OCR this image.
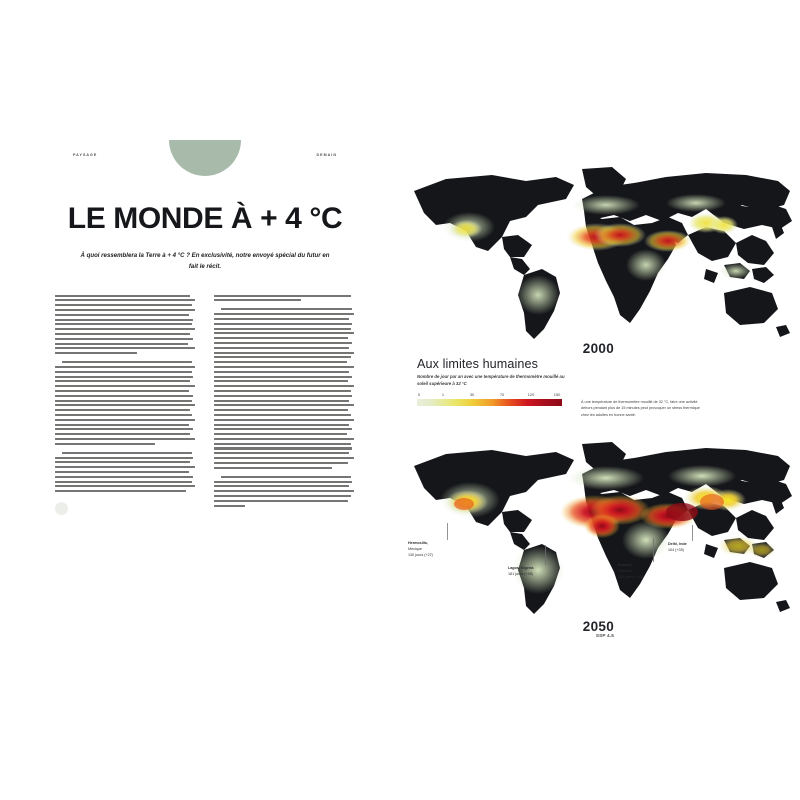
PAYSAGE	DEMAIN
LE MONDE À + 4 °C
À quoi ressemblera la Terre à + 4 °C ? En exclusivité, notre envoyé spécial du futur en fait le récit.
2000
Aux limites humaines
Nombre de jour par an avec une température de thermomètre mouillé au soleil supérieure à 32 °C
0	1	30	70	120	150
À une température de thermomètre mouillé de 32 °C, faire une activité dehors pendant plus de 15 minutes peut provoquer un stress thermique chez les adultes en bonne santé.
2050
SSP 4.5
Hermosillo,
Mexique
130 jours (+27)
Lagos, Nigeria
181 jours (+38)
Karachi,
Pakistan
140 jours (+36)
Delhi, Inde
104 (+35)
